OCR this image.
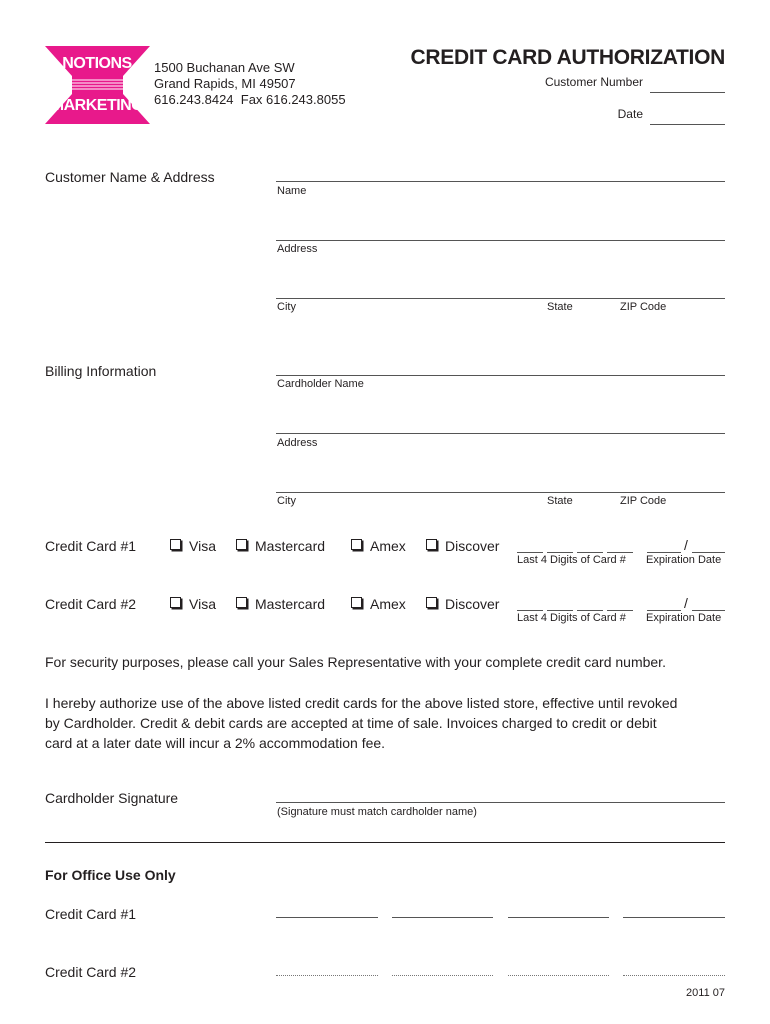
NOTIONS
MARKETING
1500 Buchanan Ave SW
Grand Rapids, MI 49507
616.243.8424  Fax 616.243.8055
CREDIT CARD AUTHORIZATION
Customer Number
Date
Customer Name & Address
Name
Address
City	State	ZIP Code
Billing Information
Cardholder Name
Address
City	State	ZIP Code
Credit Card #1	Visa	Mastercard	Amex	Discover	/
Last 4 Digits of Card # Expiration Date
Credit Card #2	Visa	Mastercard	Amex	Discover	/
Last 4 Digits of Card # Expiration Date
For security purposes, please call your Sales Representative with your complete credit card number.
I hereby authorize use of the above listed credit cards for the above listed store, effective until revoked
by Cardholder. Credit & debit cards are accepted at time of sale. Invoices charged to credit or debit
card at a later date will incur a 2% accommodation fee.
Cardholder Signature
(Signature must match cardholder name)
For Office Use Only
Credit Card #1
Credit Card #2
2011 07
